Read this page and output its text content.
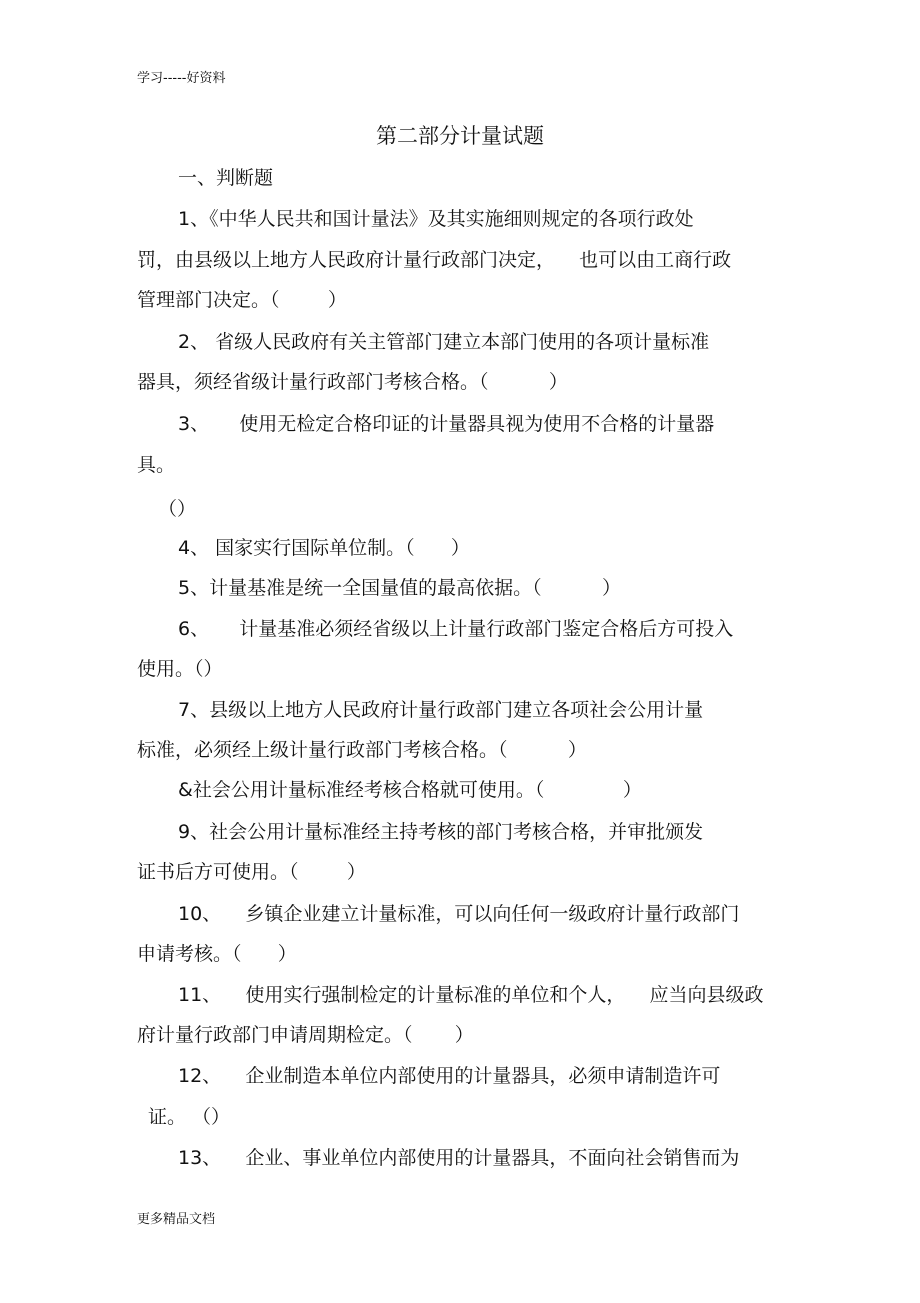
学习-----好资料
第二部分计量试题
一、判断题
1、《中华人民共和国计量法》及其实施细则规定的各项行政处
罚，由县级以上地方人民政府计量行政部门决定，    也可以由工商行政
管理部门决定。（        ）
2、 省级人民政府有关主管部门建立本部门使用的各项计量标准
器具，须经省级计量行政部门考核合格。（          ）
3、     使用无检定合格印证的计量器具视为使用不合格的计量器
具。
（）
4、 国家实行国际单位制。（      ）
5、计量基准是统一全国量值的最高依据。（          ）
6、     计量基准必须经省级以上计量行政部门鉴定合格后方可投入
使用。（）
7、县级以上地方人民政府计量行政部门建立各项社会公用计量
标准，必须经上级计量行政部门考核合格。（          ）
&社会公用计量标准经考核合格就可使用。（             ）
9、社会公用计量标准经主持考核的部门考核合格，并审批颁发
证书后方可使用。（        ）
10、    乡镇企业建立计量标准，可以向任何一级政府计量行政部门
申请考核。（      ）
11、    使用实行强制检定的计量标准的单位和个人，    应当向县级政
府计量行政部门申请周期检定。（       ）
12、    企业制造本单位内部使用的计量器具，必须申请制造许可
证。 （）
13、    企业、事业单位内部使用的计量器具，不面向社会销售而为
更多精品文档
